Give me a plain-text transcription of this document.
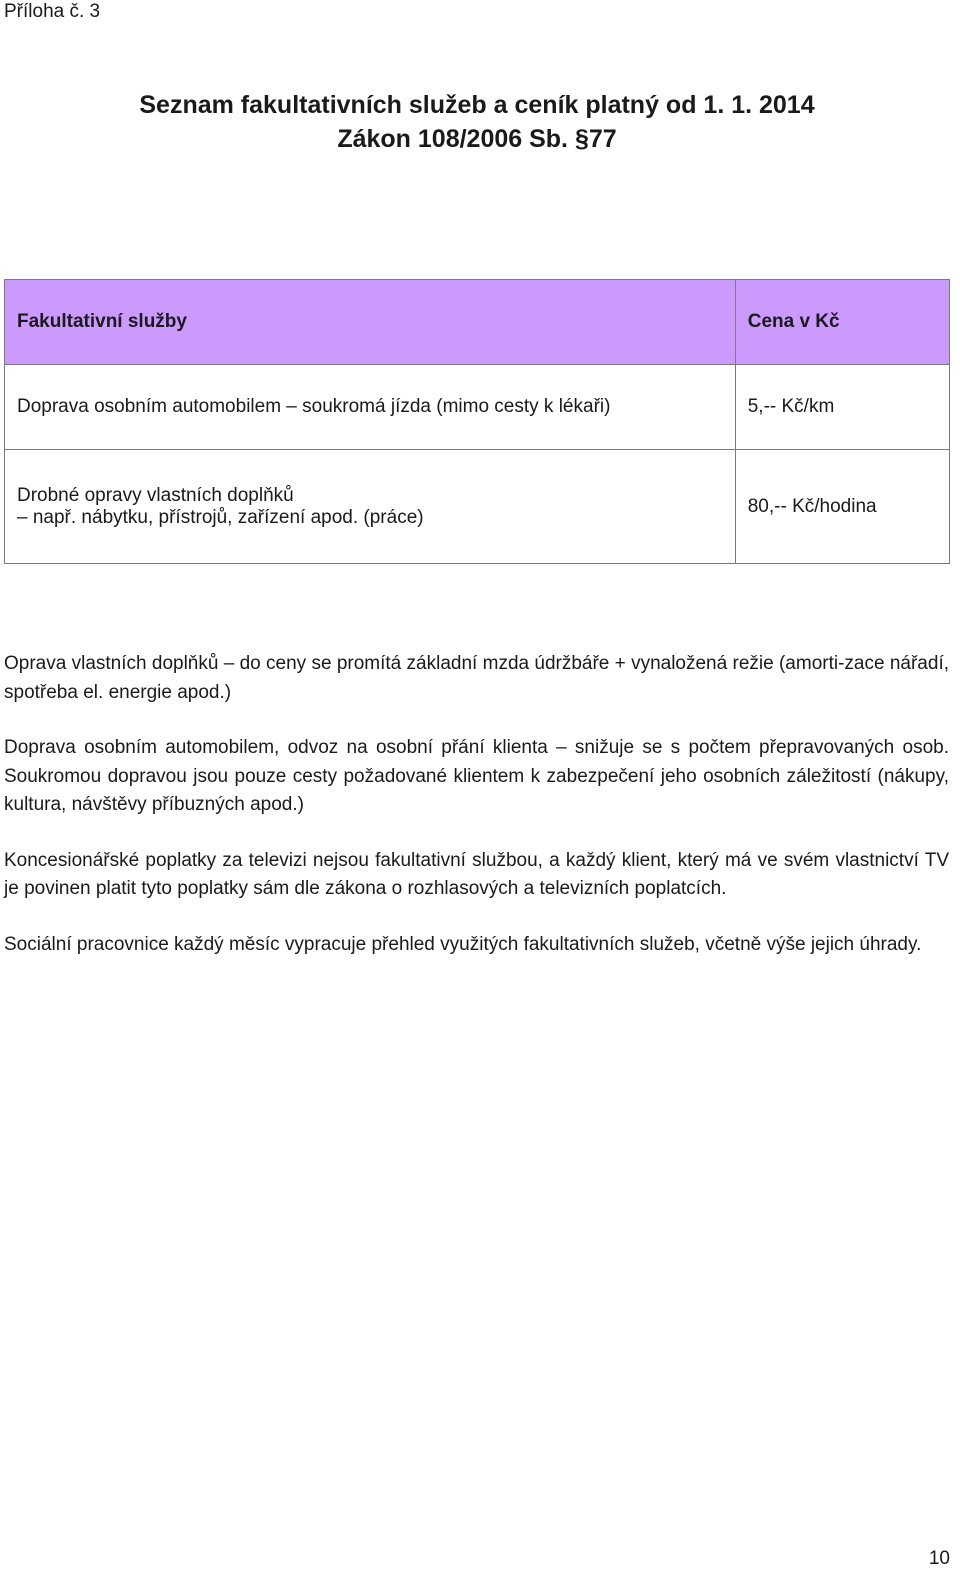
Příloha č. 3
Seznam fakultativních služeb a ceník platný od 1. 1. 2014
Zákon 108/2006 Sb. §77
Fakultativní služby	Cena v Kč
Doprava osobním automobilem – soukromá jízda (mimo cesty k lékaři)	5,-- Kč/km

Drobné opravy vlastních doplňků
– např. nábytku, přístrojů, zařízení apod. (práce)	80,-- Kč/hodina

Oprava vlastních doplňků – do ceny se promítá základní mzda údržbáře + vynaložená režie (amorti-zace nářadí, spotřeba el. energie apod.)

Doprava osobním automobilem, odvoz na osobní přání klienta – snižuje se s počtem přepravovaných osob. Soukromou dopravou jsou pouze cesty požadované klientem k zabezpečení jeho osobních záležitostí (nákupy, kultura, návštěvy příbuzných apod.)

Koncesionářské poplatky za televizi nejsou fakultativní službou, a každý klient, který má ve svém vlastnictví TV je povinen platit tyto poplatky sám dle zákona o rozhlasových a televizních poplatcích.

Sociální pracovnice každý měsíc vypracuje přehled využitých fakultativních služeb, včetně výše jejich úhrady.

10
